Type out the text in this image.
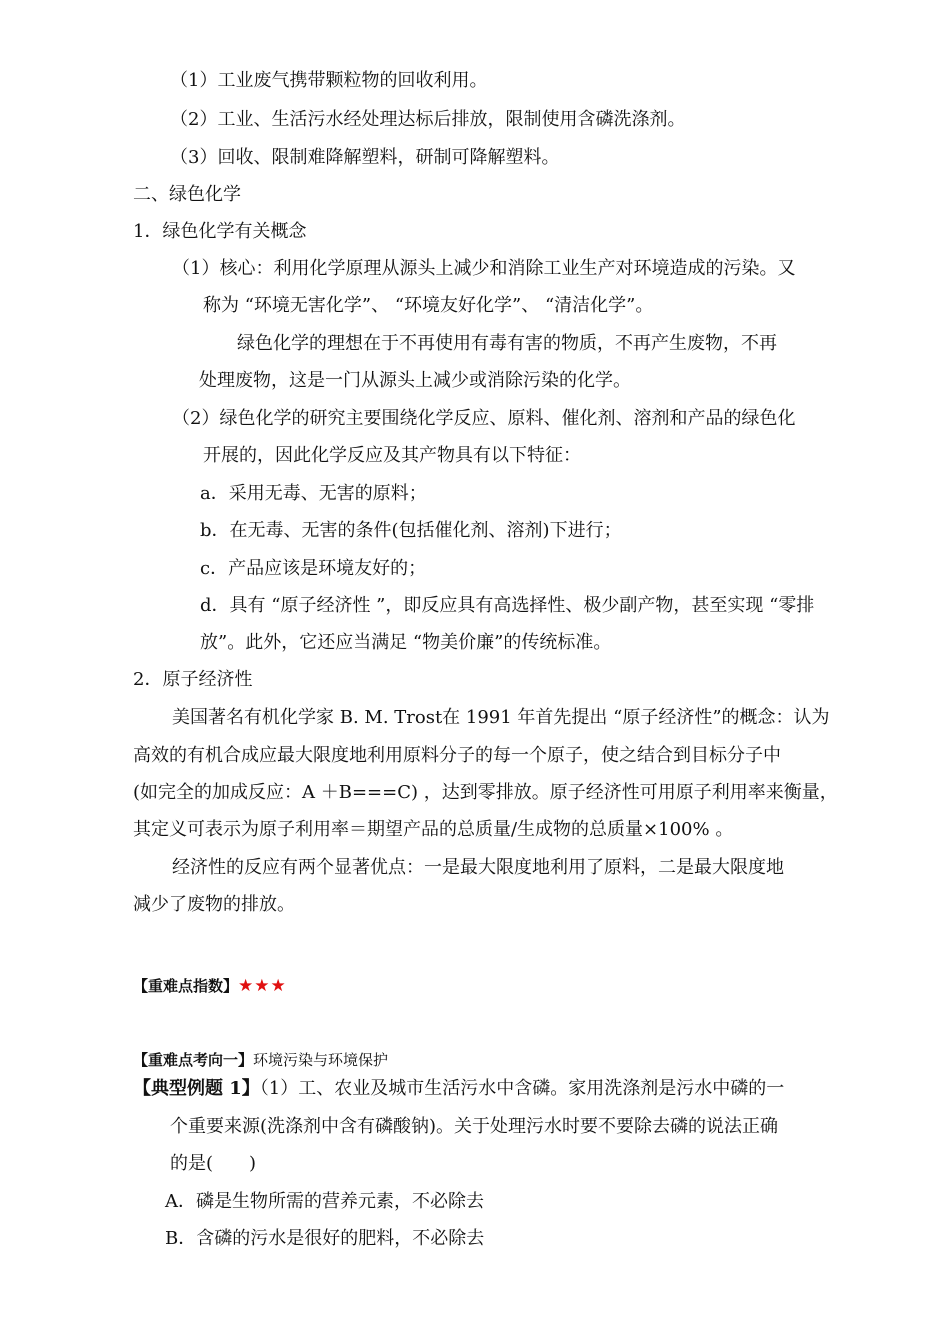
（1）工业废气携带颗粒物的回收利用。
（2）工业、生活污水经处理达标后排放，限制使用含磷洗涤剂。
（3）回收、限制难降解塑料，研制可降解塑料。
二、绿色化学
1．绿色化学有关概念
（1）核心：利用化学原理从源头上减少和消除工业生产对环境造成的污染。又
称为 “环境无害化学”、 “环境友好化学”、 “清洁化学”。
绿色化学的理想在于不再使用有毒有害的物质，不再产生废物，不再
处理废物，这是一门从源头上减少或消除污染的化学。
（2）绿色化学的研究主要围绕化学反应、原料、催化剂、溶剂和产品的绿色化
开展的，因此化学反应及其产物具有以下特征：
a．采用无毒、无害的原料；
b．在无毒、无害的条件(包括催化剂、溶剂)下进行；
c．产品应该是环境友好的；
d．具有 “原子经济性 ”，即反应具有高选择性、极少副产物，甚至实现 “零排
放”。此外，它还应当满足 “物美价廉”的传统标准。
2．原子经济性
美国著名有机化学家 B. M. Trost在 1991 年首先提出 “原子经济性”的概念：认为
高效的有机合成应最大限度地利用原料分子的每一个原子，使之结合到目标分子中
(如完全的加成反应：A ＋B===C) ，达到零排放。原子经济性可用原子利用率来衡量，
其定义可表示为原子利用率＝期望产品的总质量/生成物的总质量×100% 。
经济性的反应有两个显著优点：一是最大限度地利用了原料，二是最大限度地
减少了废物的排放。
【重难点指数】★★★
【重难点考向一】环境污染与环境保护
【典型例题 1】（1）工、农业及城市生活污水中含磷。家用洗涤剂是污水中磷的一
个重要来源(洗涤剂中含有磷酸钠)。关于处理污水时要不要除去磷的说法正确
的是(　　)
A．磷是生物所需的营养元素，不必除去
B．含磷的污水是很好的肥料，不必除去
